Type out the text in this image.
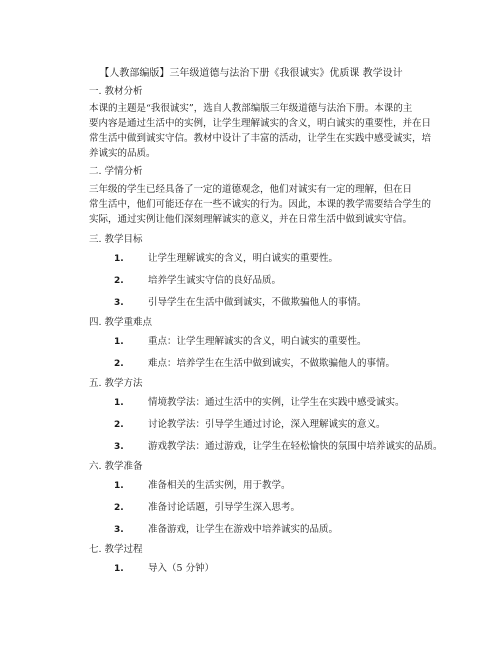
【人教部编版】三年级道德与法治下册《我很诚实》优质课 教学设计
一. 教材分析
本课的主题是“我很诚实”，选自人教部编版三年级道德与法治下册。本课的主
要内容是通过生活中的实例，让学生理解诚实的含义，明白诚实的重要性，并在日
常生活中做到诚实守信。教材中设计了丰富的活动，让学生在实践中感受诚实，培
养诚实的品质。
二. 学情分析
三年级的学生已经具备了一定的道德观念，他们对诚实有一定的理解，但在日
常生活中，他们可能还存在一些不诚实的行为。因此，本课的教学需要结合学生的
实际，通过实例让他们深刻理解诚实的意义，并在日常生活中做到诚实守信。
三. 教学目标
1.	让学生理解诚实的含义，明白诚实的重要性。
2.	培养学生诚实守信的良好品质。
3.	引导学生在生活中做到诚实，不做欺骗他人的事情。
四. 教学重难点
1.	重点：让学生理解诚实的含义，明白诚实的重要性。
2.	难点：培养学生在生活中做到诚实，不做欺骗他人的事情。
五. 教学方法
1.	情境教学法：通过生活中的实例，让学生在实践中感受诚实。
2.	讨论教学法：引导学生通过讨论，深入理解诚实的意义。
3.	游戏教学法：通过游戏，让学生在轻松愉快的氛围中培养诚实的品质。
六. 教学准备
1.	准备相关的生活实例，用于教学。
2.	准备讨论话题，引导学生深入思考。
3.	准备游戏，让学生在游戏中培养诚实的品质。
七. 教学过程
1.	导入（5 分钟）
